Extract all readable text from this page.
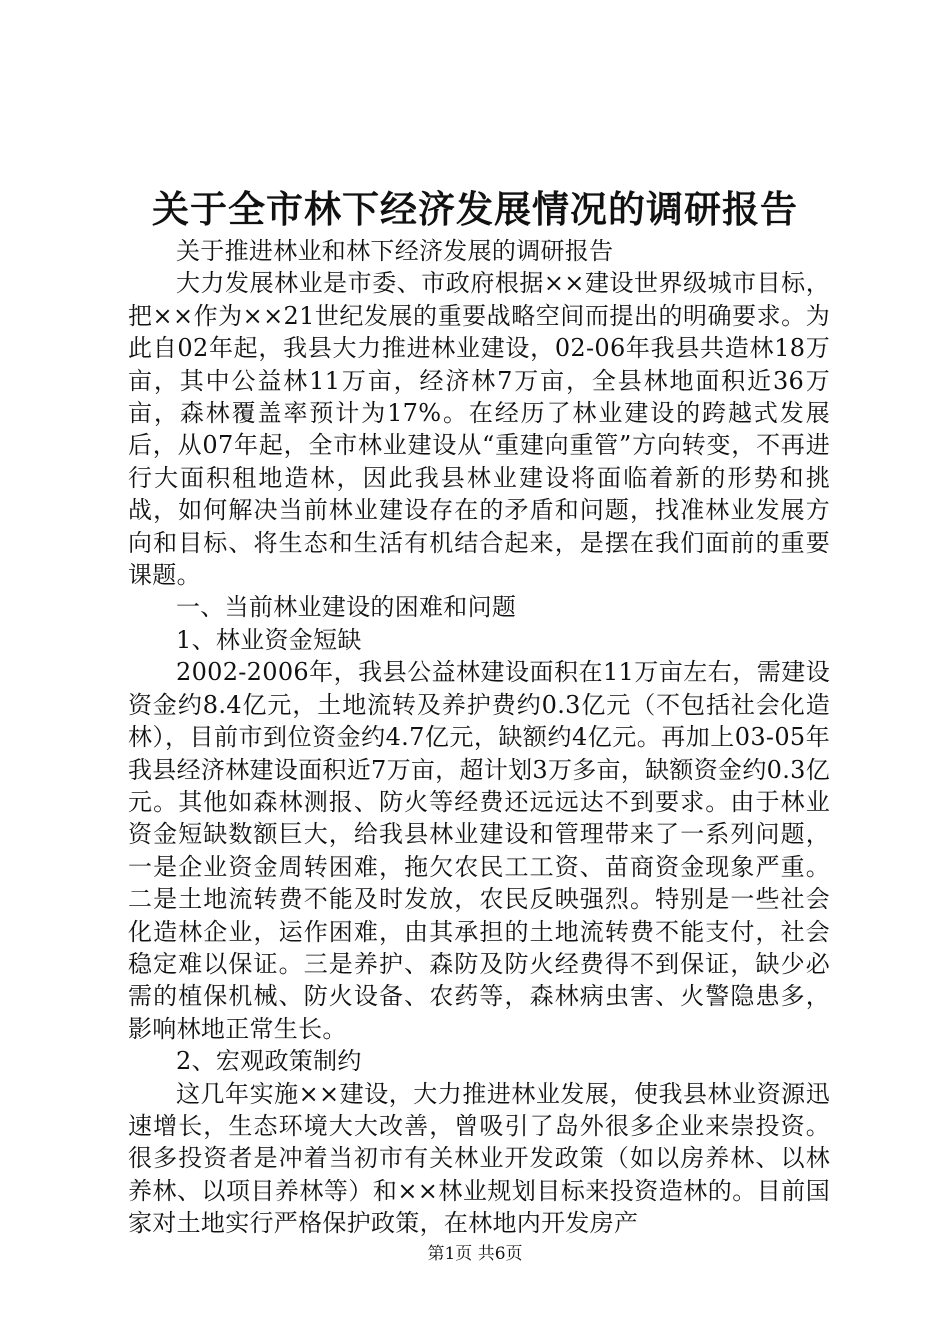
关于全市林下经济发展情况的调研报告

关于推进林业和林下经济发展的调研报告

大力发展林业是市委、市政府根据××建设世界级城市目标，把××作为××21世纪发展的重要战略空间而提出的明确要求。为此自02年起，我县大力推进林业建设，02-06年我县共造林18万亩，其中公益林11万亩，经济林7万亩，全县林地面积近36万亩，森林覆盖率预计为17%。在经历了林业建设的跨越式发展后，从07年起，全市林业建设从“重建向重管”方向转变，不再进行大面积租地造林，因此我县林业建设将面临着新的形势和挑战，如何解决当前林业建设存在的矛盾和问题，找准林业发展方向和目标、将生态和生活有机结合起来，是摆在我们面前的重要课题。

一、当前林业建设的困难和问题

1、林业资金短缺

2002-2006年，我县公益林建设面积在11万亩左右，需建设资金约8.4亿元，土地流转及养护费约0.3亿元（不包括社会化造林），目前市到位资金约4.7亿元，缺额约4亿元。再加上03-05年我县经济林建设面积近7万亩，超计划3万多亩，缺额资金约0.3亿元。其他如森林测报、防火等经费还远远达不到要求。由于林业资金短缺数额巨大，给我县林业建设和管理带来了一系列问题，一是企业资金周转困难，拖欠农民工工资、苗商资金现象严重。二是土地流转费不能及时发放，农民反映强烈。特别是一些社会化造林企业，运作困难，由其承担的土地流转费不能支付，社会稳定难以保证。三是养护、森防及防火经费得不到保证，缺少必需的植保机械、防火设备、农药等，森林病虫害、火警隐患多，影响林地正常生长。

2、宏观政策制约

这几年实施××建设，大力推进林业发展，使我县林业资源迅速增长，生态环境大大改善，曾吸引了岛外很多企业来崇投资。很多投资者是冲着当初市有关林业开发政策（如以房养林、以林养林、以项目养林等）和××林业规划目标来投资造林的。目前国家对土地实行严格保护政策，在林地内开发房产

第1页 共6页
